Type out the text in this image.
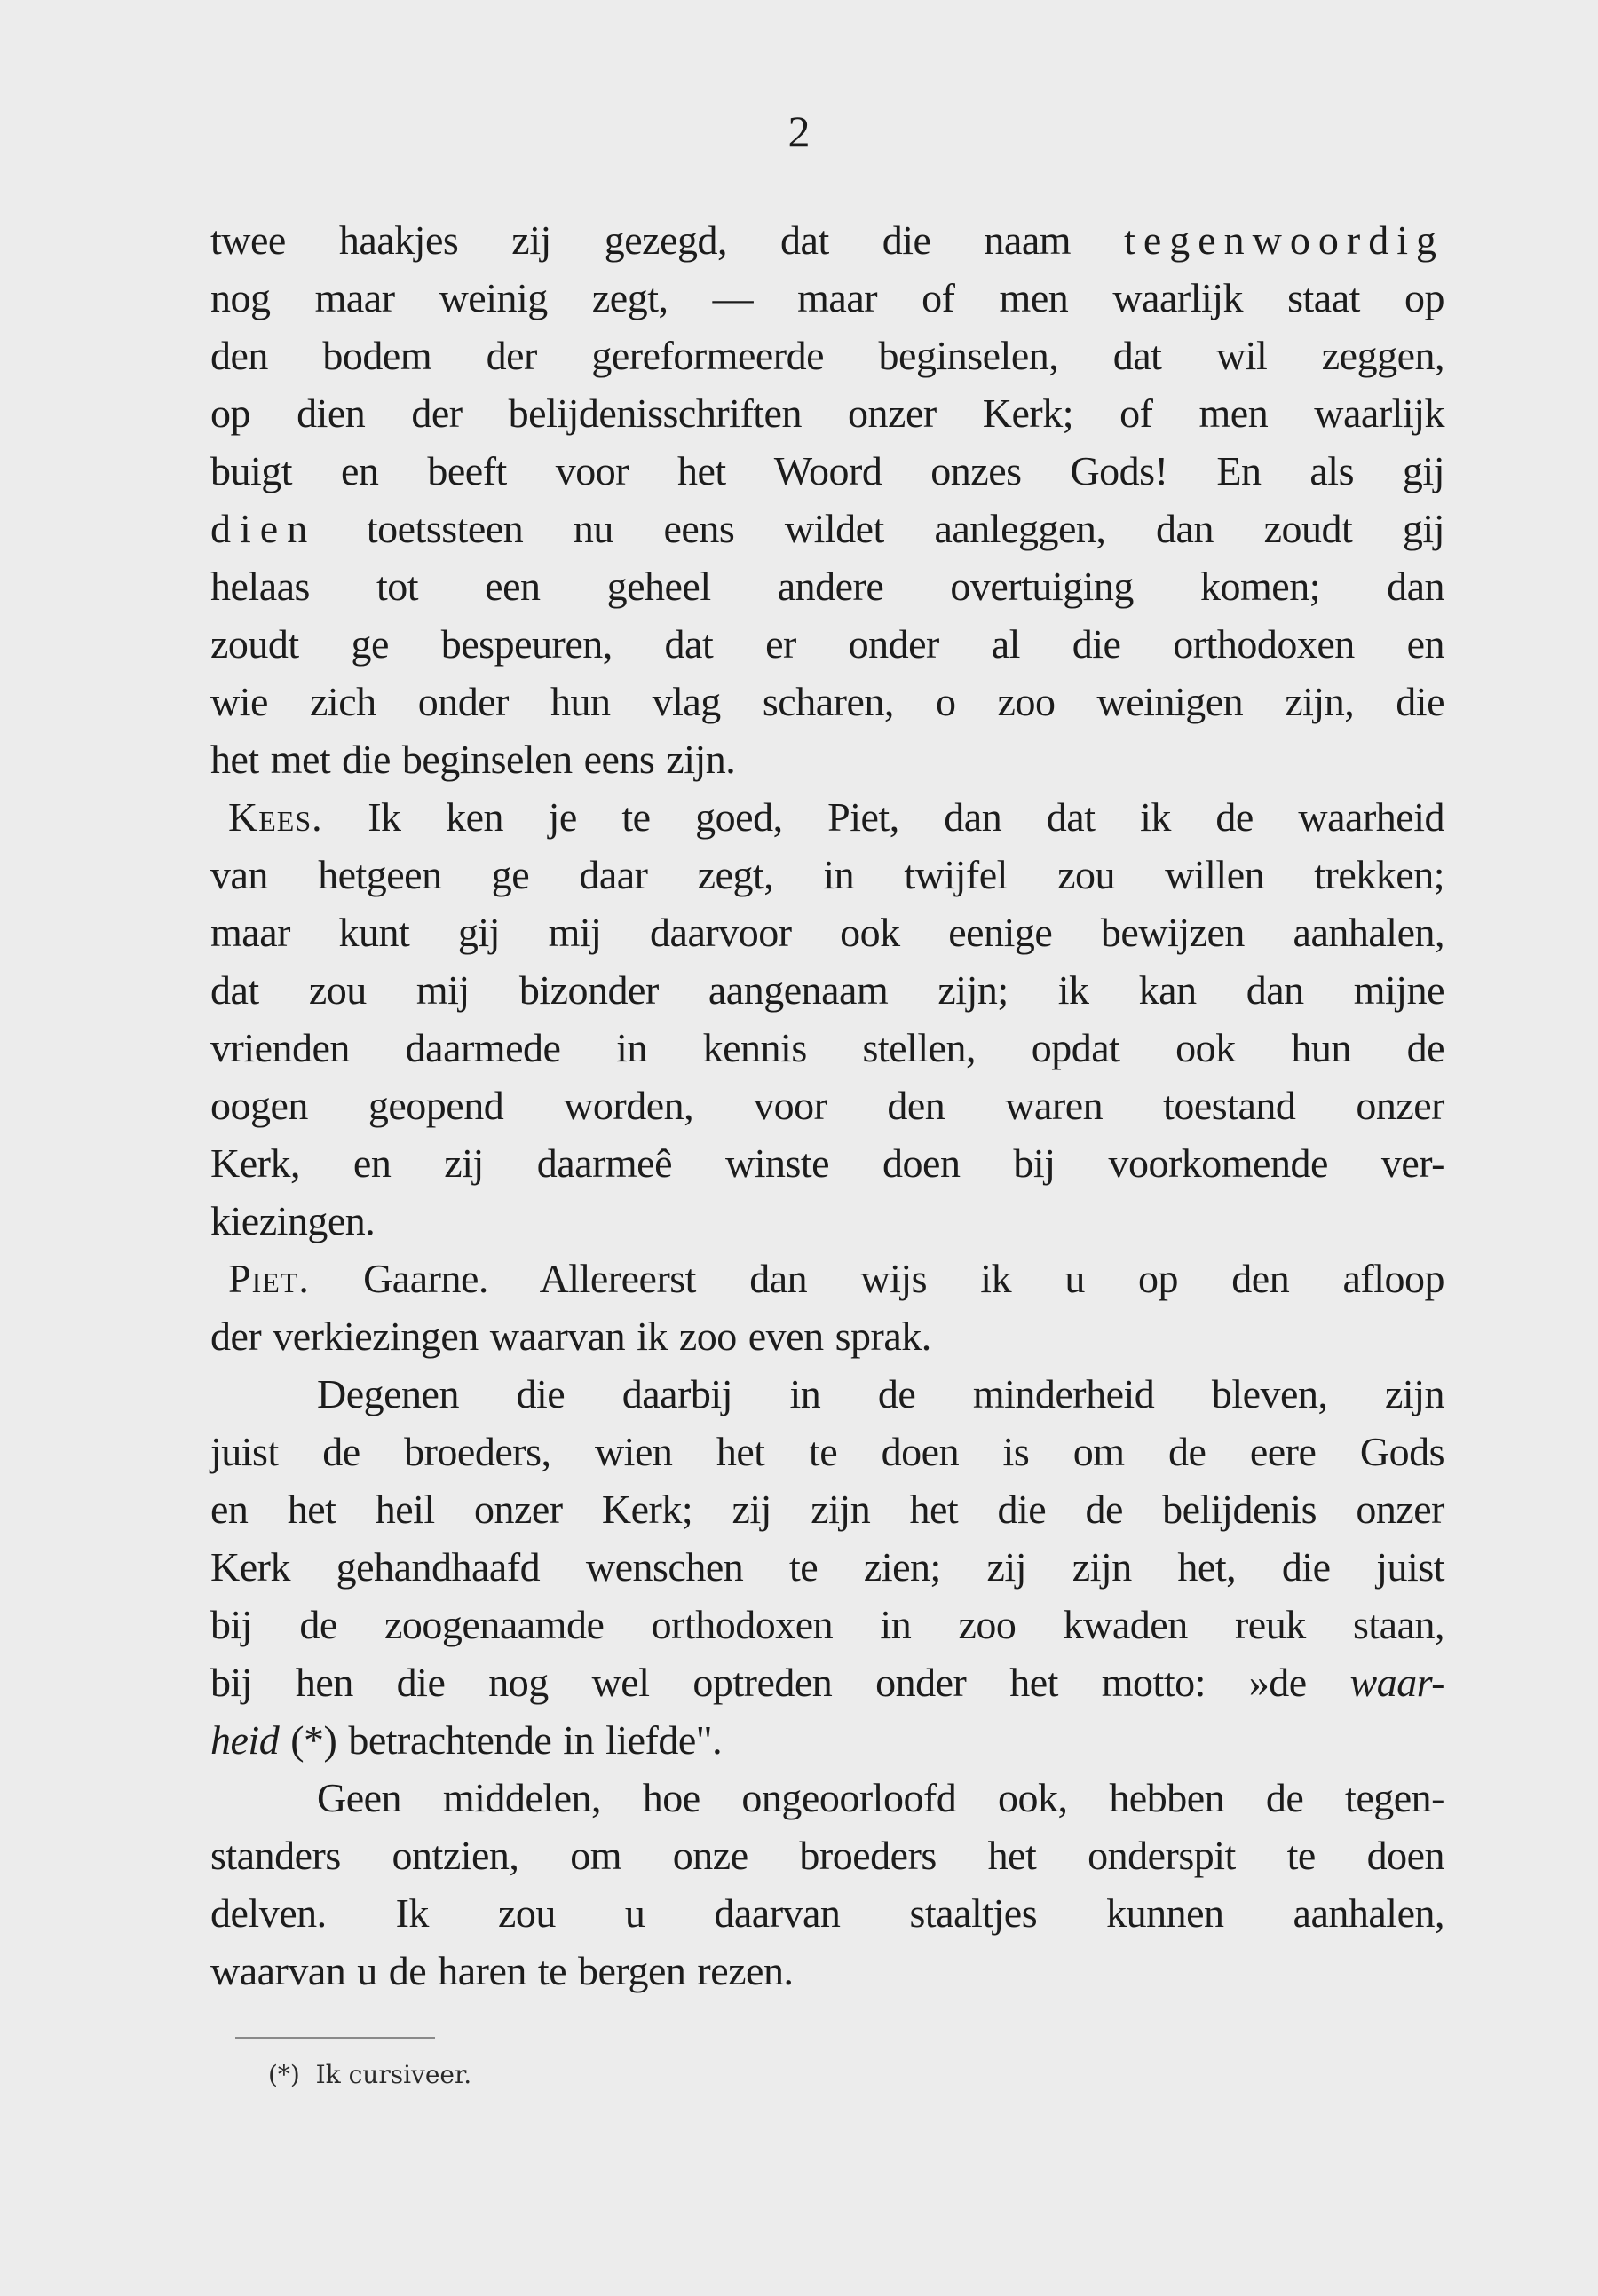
2
twee haakjes zij gezegd, dat die naam tegenwoordig
nog maar weinig zegt, — maar of men waarlijk staat op
den bodem der gereformeerde beginselen, dat wil zeggen,
op dien der belijdenisschriften onzer Kerk; of men waarlijk
buigt en beeft voor het Woord onzes Gods! En als gij
dien toetssteen nu eens wildet aanleggen, dan zoudt gij
helaas tot een geheel andere overtuiging komen; dan
zoudt ge bespeuren, dat er onder al die orthodoxen en
wie zich onder hun vlag scharen, o zoo weinigen zijn, die
het met die beginselen eens zijn.
Kees. Ik ken je te goed, Piet, dan dat ik de waarheid
van hetgeen ge daar zegt, in twijfel zou willen trekken;
maar kunt gij mij daarvoor ook eenige bewijzen aanhalen,
dat zou mij bizonder aangenaam zijn; ik kan dan mijne
vrienden daarmede in kennis stellen, opdat ook hun de
oogen geopend worden, voor den waren toestand onzer
Kerk, en zij daarmeê winste doen bij voorkomende ver-
kiezingen.
Piet. Gaarne. Allereerst dan wijs ik u op den afloop
der verkiezingen waarvan ik zoo even sprak.
Degenen die daarbij in de minderheid bleven, zijn
juist de broeders, wien het te doen is om de eere Gods
en het heil onzer Kerk; zij zijn het die de belijdenis onzer
Kerk gehandhaafd wenschen te zien; zij zijn het, die juist
bij de zoogenaamde orthodoxen in zoo kwaden reuk staan,
bij hen die nog wel optreden onder het motto: »de waar-
heid (*) betrachtende in liefde".
Geen middelen, hoe ongeoorloofd ook, hebben de tegen-
standers ontzien, om onze broeders het onderspit te doen
delven. Ik zou u daarvan staaltjes kunnen aanhalen,
waarvan u de haren te bergen rezen.
(*) Ik cursiveer.
